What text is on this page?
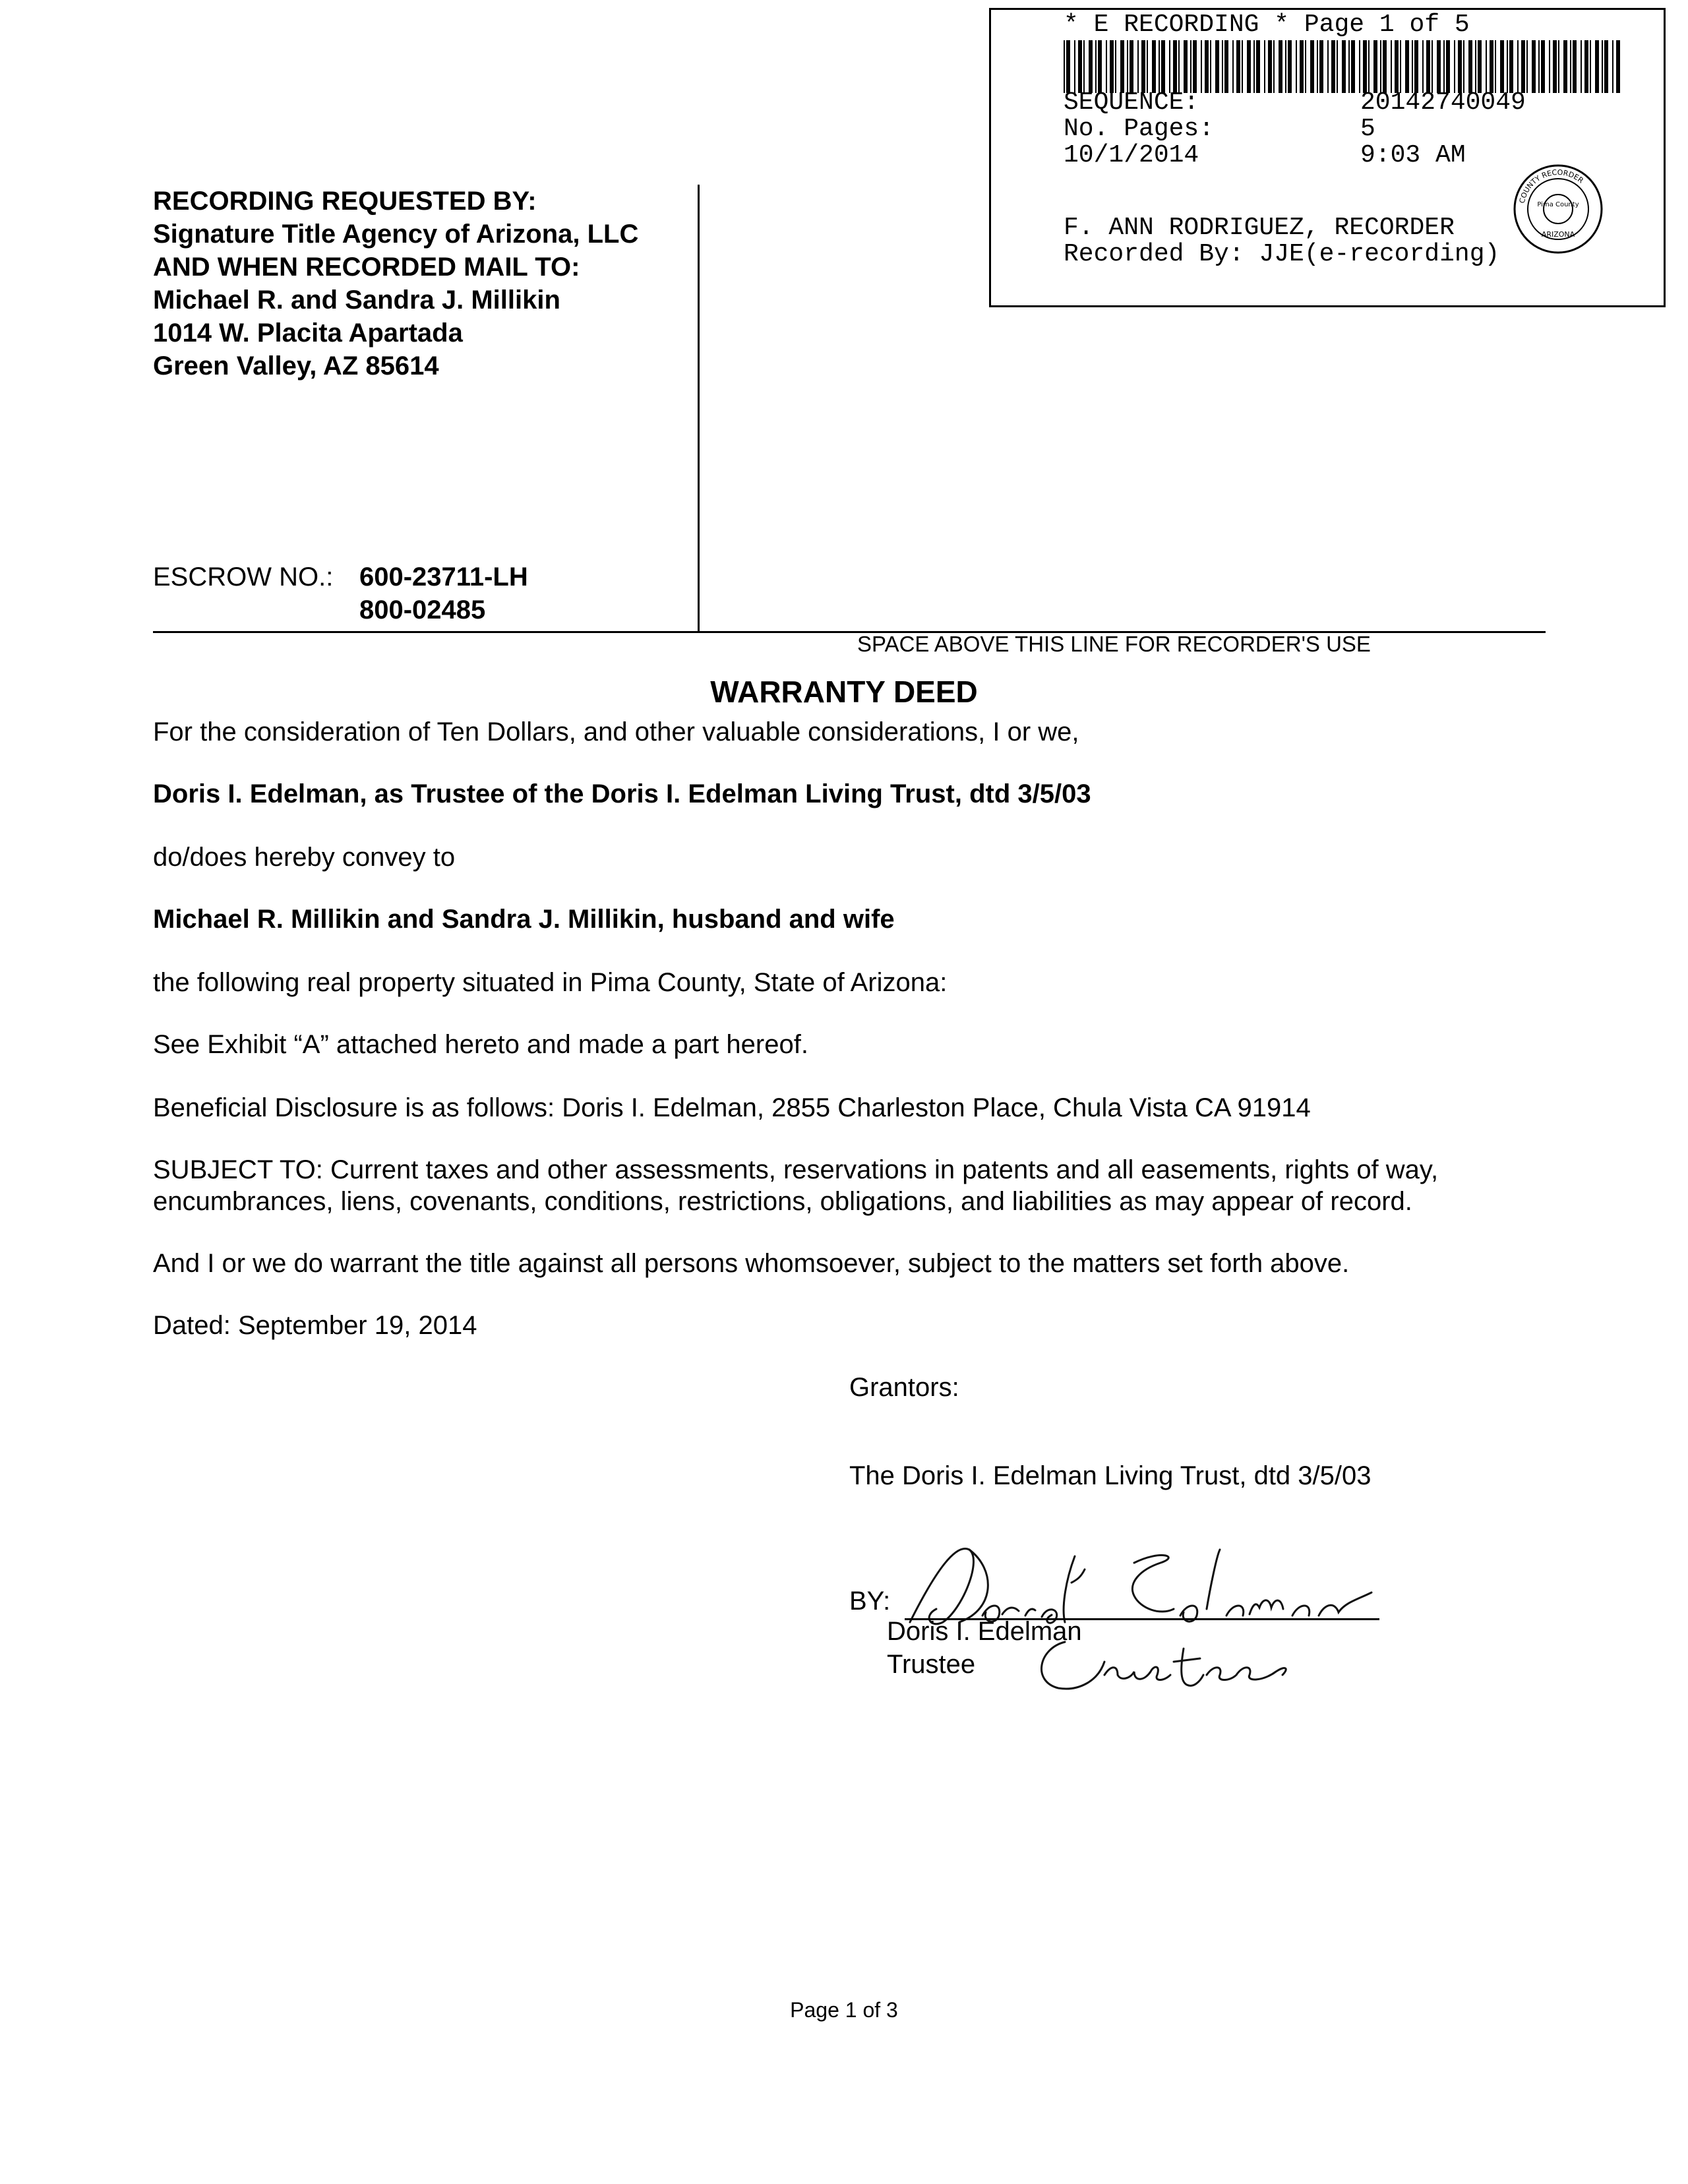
* E RECORDING * Page 1 of 5
SEQUENCE:	20142740049
No. Pages:	5
10/1/2014	9:03 AM
F. ANN RODRIGUEZ, RECORDER
Recorded By: JJE(e-recording)
COUNTY RECORDER
Pima County
ARIZONA
RECORDING REQUESTED BY:
Signature Title Agency of Arizona, LLC
AND WHEN RECORDED MAIL TO:
Michael R. and Sandra J. Millikin
1014 W. Placita Apartada
Green Valley, AZ 85614
ESCROW NO.: 600-23711-LH
800-02485
SPACE ABOVE THIS LINE FOR RECORDER'S USE
WARRANTY DEED
For the consideration of Ten Dollars, and other valuable considerations, I or we,
Doris I. Edelman, as Trustee of the Doris I. Edelman Living Trust, dtd 3/5/03
do/does hereby convey to
Michael R. Millikin and Sandra J. Millikin, husband and wife
the following real property situated in Pima County, State of Arizona:
See Exhibit “A” attached hereto and made a part hereof.
Beneficial Disclosure is as follows: Doris I. Edelman, 2855 Charleston Place, Chula Vista CA 91914
SUBJECT TO: Current taxes and other assessments, reservations in patents and all easements, rights of way, encumbrances, liens, covenants, conditions, restrictions, obligations, and liabilities as may appear of record.
And I or we do warrant the title against all persons whomsoever, subject to the matters set forth above.
Dated: September 19, 2014
Grantors:
The Doris I. Edelman Living Trust, dtd 3/5/03
BY:
Doris I. Edelman
Trustee
Page 1 of 3
